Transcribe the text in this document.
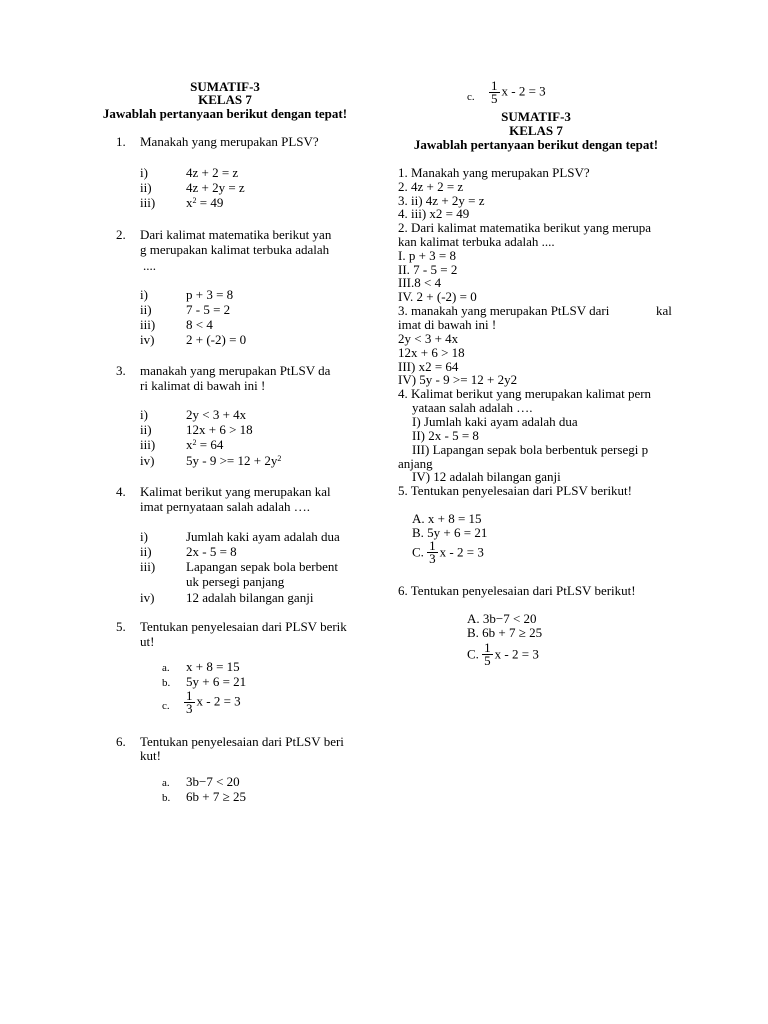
SUMATIF-3
KELAS 7
Jawablah pertanyaan berikut dengan tepat!
1. Manakah yang merupakan PLSV?
i)	4z + 2 = z
ii)	4z + 2y = z
iii) $x^2 = 49$
2. Dari kalimat matematika berikut yan
g merupakan kalimat terbuka adalah
....
i)	p + 3 = 8
ii)	7 - 5 = 2
iii) 8 < 4
iv) 2 + (-2) = 0
3. manakah yang merupakan PtLSV da
ri kalimat di bawah ini !
i)	2y < 3 + 4x
ii)	12x + 6 > 18
iii) $x^2 = 64$
iv) $5y - 9 >= 12 + 2y^2$
4. Kalimat berikut yang merupakan kal
imat pernyataan salah adalah ….
i)	Jumlah kaki ayam adalah dua
ii)	2x - 5 = 8
iii) Lapangan sepak bola berbent
uk persegi panjang
iv) 12 adalah bilangan ganji
5. Tentukan penyelesaian dari PLSV berik
ut!
a. x + 8 = 15
b. 5y + 6 = 21
c. $\frac{1}{3}$ x - 2 = 3
6. Tentukan penyelesaian dari PtLSV beri
kut!
a. 3b−7 < 20
b. 6b + 7 ≥ 25
c. $\frac{1}{5}$ x - 2 = 3
SUMATIF-3
KELAS 7
Jawablah pertanyaan berikut dengan tepat!
1. Manakah yang merupakan PLSV?
2. 4z + 2 = z
3. ii) 4z + 2y = z
4. iii) x2 = 49
2. Dari kalimat matematika berikut yang merupa
kan kalimat terbuka adalah ....
I. p + 3 = 8
II. 7 - 5 = 2
III.8 < 4
IV. 2 + (-2) = 0
3. manakah yang merupakan PtLSV dari	kal
imat di bawah ini !
2y < 3 + 4x
12x + 6 > 18
III) x2 = 64
IV) 5y - 9 >= 12 + 2y2
4. Kalimat berikut yang merupakan kalimat pern
yataan salah adalah ….
I) Jumlah kaki ayam adalah dua
II) 2x - 5 = 8
III) Lapangan sepak bola berbentuk persegi p
anjang
IV) 12 adalah bilangan ganji
5. Tentukan penyelesaian dari PLSV berikut!
A. x + 8 = 15
B. 5y + 6 = 21
C. $\frac{1}{3}$ x - 2 = 3
6. Tentukan penyelesaian dari PtLSV berikut!
A. 3b−7 < 20
B. 6b + 7 ≥ 25
C. $\frac{1}{5}$ x - 2 = 3
